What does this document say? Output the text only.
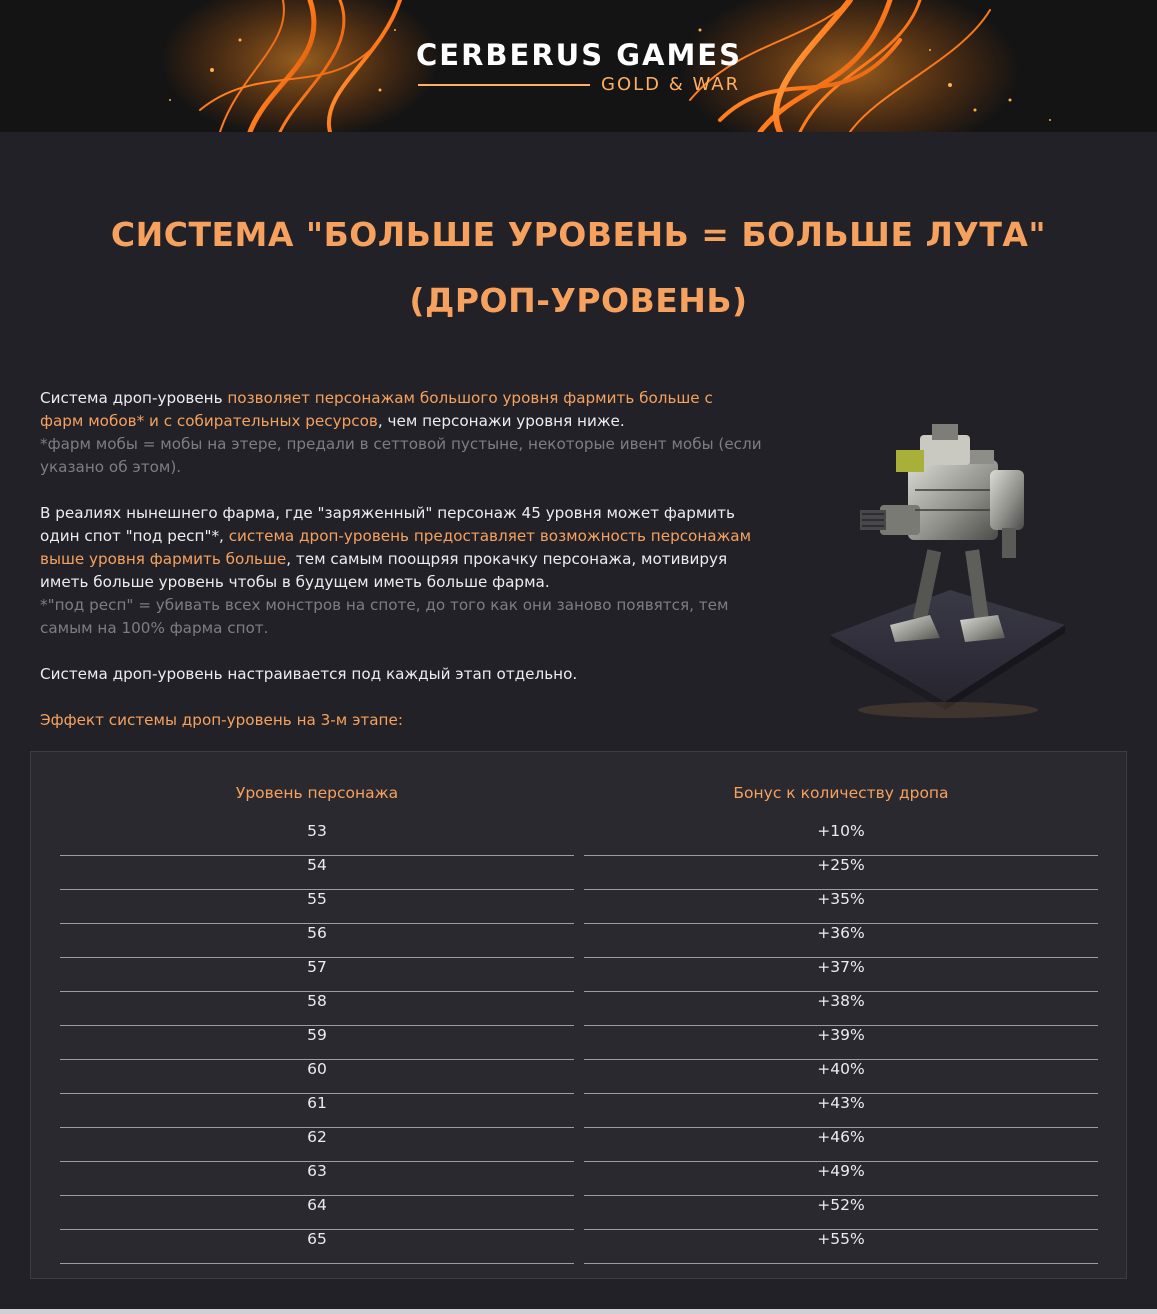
CERBERUS GAMES
GOLD & WAR
СИСТЕМА "БОЛЬШЕ УРОВЕНЬ = БОЛЬШЕ ЛУТА"
(ДРОП-УРОВЕНЬ)

Система дроп-уровень позволяет персонажам большого уровня фармить больше с

фарм мобов* и с собирательных ресурсов, чем персонажи уровня ниже.

*фарм мобы = мобы на этере, предали в сеттовой пустыне, некоторые ивент мобы (если

указано об этом).

В реалиях нынешнего фарма, где "заряженный" персонаж 45 уровня может фармить

один спот "под респ"*, система дроп-уровень предоставляет возможность персонажам

выше уровня фармить больше, тем самым поощряя прокачку персонажа, мотивируя

иметь больше уровень чтобы в будущем иметь больше фарма.

*"под респ" = убивать всех монстров на споте, до того как они заново появятся, тем

самым на 100% фарма спот.

Система дроп-уровень настраивается под каждый этап отдельно.

Эффект системы дроп-уровень на 3-м этапе:

Уровень персонажа
53
54
55
56
57
58
59
60
61
62
63
64
65
Бонус к количеству дропа
+10%
+25%
+35%
+36%
+37%
+38%
+39%
+40%
+43%
+46%
+49%
+52%
+55%
